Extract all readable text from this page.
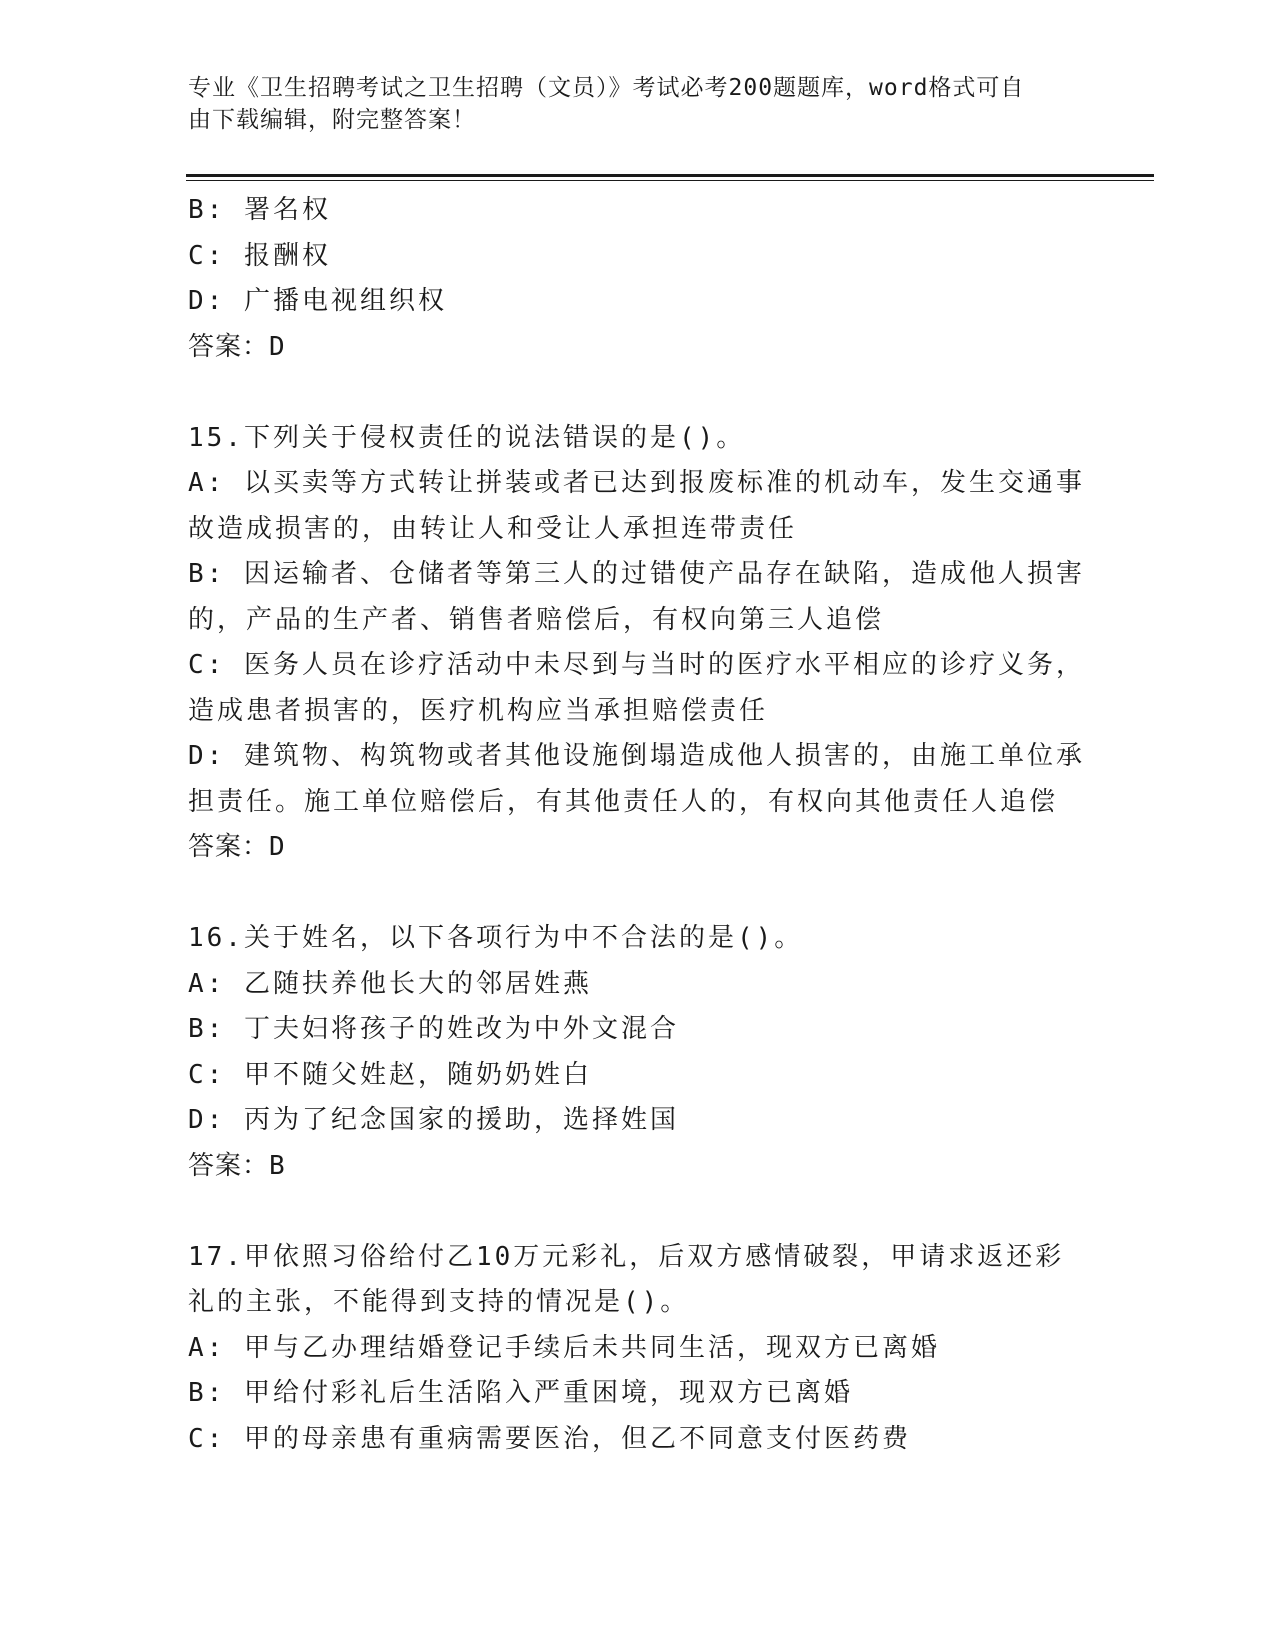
专业《卫生招聘考试之卫生招聘（文员）》考试必考200题题库，word格式可自
由下载编辑，附完整答案！
B: 署名权
C: 报酬权
D: 广播电视组织权
答案：D
15.下列关于侵权责任的说法错误的是()。
A: 以买卖等方式转让拼装或者已达到报废标准的机动车，发生交通事
故造成损害的，由转让人和受让人承担连带责任
B: 因运输者、仓储者等第三人的过错使产品存在缺陷，造成他人损害
的，产品的生产者、销售者赔偿后，有权向第三人追偿
C: 医务人员在诊疗活动中未尽到与当时的医疗水平相应的诊疗义务，
造成患者损害的，医疗机构应当承担赔偿责任
D: 建筑物、构筑物或者其他设施倒塌造成他人损害的，由施工单位承
担责任。施工单位赔偿后，有其他责任人的，有权向其他责任人追偿
答案：D
16.关于姓名，以下各项行为中不合法的是()。
A: 乙随扶养他长大的邻居姓燕
B: 丁夫妇将孩子的姓改为中外文混合
C: 甲不随父姓赵，随奶奶姓白
D: 丙为了纪念国家的援助，选择姓国
答案：B
17.甲依照习俗给付乙10万元彩礼，后双方感情破裂，甲请求返还彩
礼的主张，不能得到支持的情况是()。
A: 甲与乙办理结婚登记手续后未共同生活，现双方已离婚
B: 甲给付彩礼后生活陷入严重困境，现双方已离婚
C: 甲的母亲患有重病需要医治，但乙不同意支付医药费
